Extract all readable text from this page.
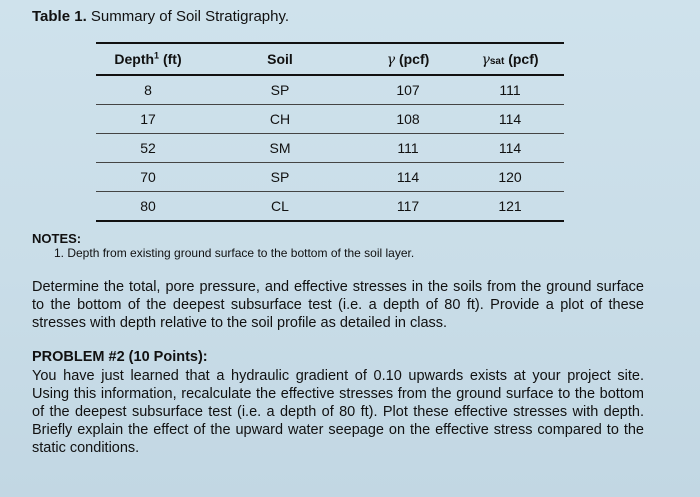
Table 1. Summary of Soil Stratigraphy.
Depth$^1$ (ft)	Soil	γ (pcf)	γsat (pcf)
8	SP	107	111
17	CH	108	114
52	SM	111	114
70	SP	114	120
80	CL	117	121
NOTES:
1. Depth from existing ground surface to the bottom of the soil layer.
Determine the total, pore pressure, and effective stresses in the soils from the ground surface to the bottom of the deepest subsurface test (i.e. a depth of 80 ft). Provide a plot of these stresses with depth relative to the soil profile as detailed in class.
PROBLEM #2 (10 Points):
You have just learned that a hydraulic gradient of 0.10 upwards exists at your project site. Using this information, recalculate the effective stresses from the ground surface to the bottom of the deepest subsurface test (i.e. a depth of 80 ft). Plot these effective stresses with depth. Briefly explain the effect of the upward water seepage on the effective stress compared to the static conditions.
